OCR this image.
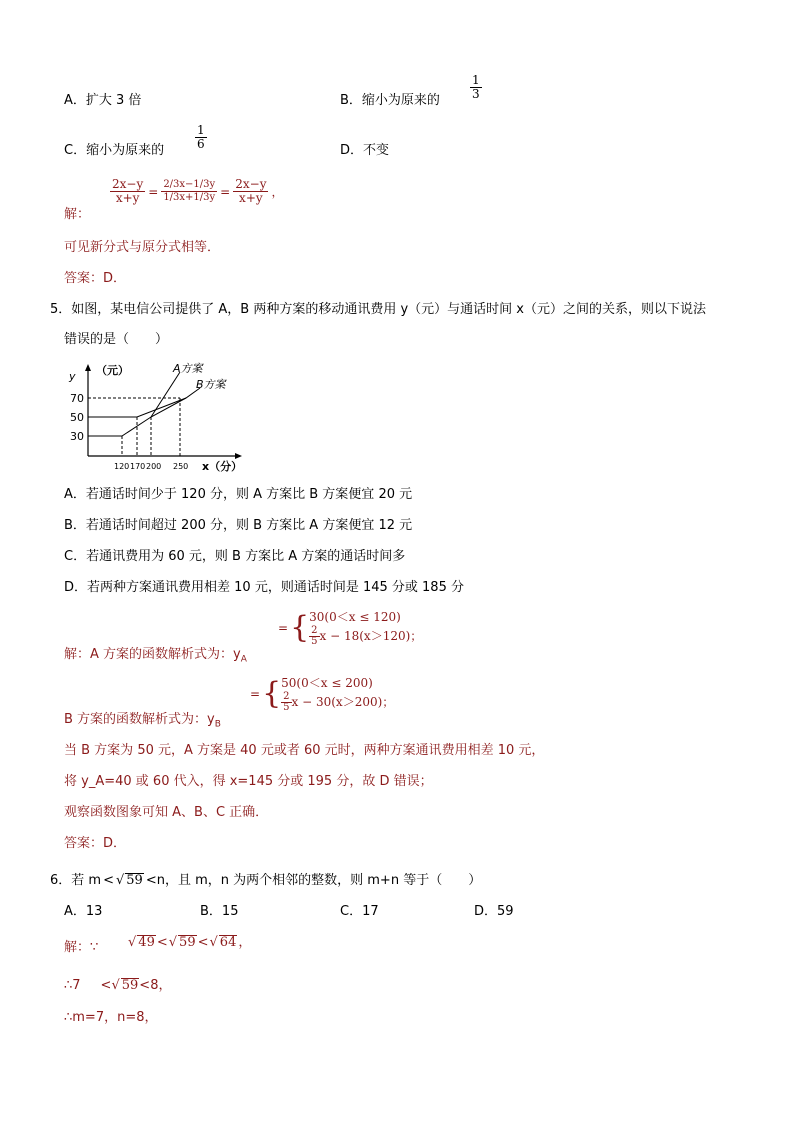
A．扩大 3 倍	B．缩小为原来的	$\frac{1}{3}$
C．缩小为原来的	$\frac{1}{6}$	D．不变
解：
$\frac{2x-y}{x+y} = \frac{2/3x-1/3y}{1/3x+1/3y} = \frac{2x-y}{x+y}$ ，
可见新分式与原分式相等．
答案：D．
5．如图，某电信公司提供了 A，B 两种方案的移动通讯费用 y（元）与通话时间 x（元）之间的关系，则以下说法
错误的是（　　）
y （元）
70
50
30
A方案
B方案
120 170 200 250 x（分）
A．若通话时间少于 120 分，则 A 方案比 B 方案便宜 20 元
B．若通话时间超过 200 分，则 B 方案比 A 方案便宜 12 元
C．若通讯费用为 60 元，则 B 方案比 A 方案的通话时间多
D．若两种方案通讯费用相差 10 元，则通话时间是 145 分或 185 分
解：A 方案的函数解析式为：$y_A$
= { 30(0＜x ≤ 120)
$\frac{2}{5}$ x − 18(x＞120) ；
B 方案的函数解析式为：$y_B$
= { 50(0＜x ≤ 200)
$\frac{2}{5}$ x − 30(x＞200) ；
当 B 方案为 50 元，A 方案是 40 元或者 60 元时，两种方案通讯费用相差 10 元，
将 y_A=40 或 60 代入，得 x=145 分或 195 分，故 D 错误；
观察函数图象可知 A、B、C 正确．
答案：D．
6．若 m < √ 59 < n，且 m，n 为两个相邻的整数，则 m+n 等于（　　）
A．13	B．15	C．17	D．59
解：∵ √ 49 < √ 59 < √ 64 ，
∴7 < √ 59 < 8，
∴m=7，n=8，
